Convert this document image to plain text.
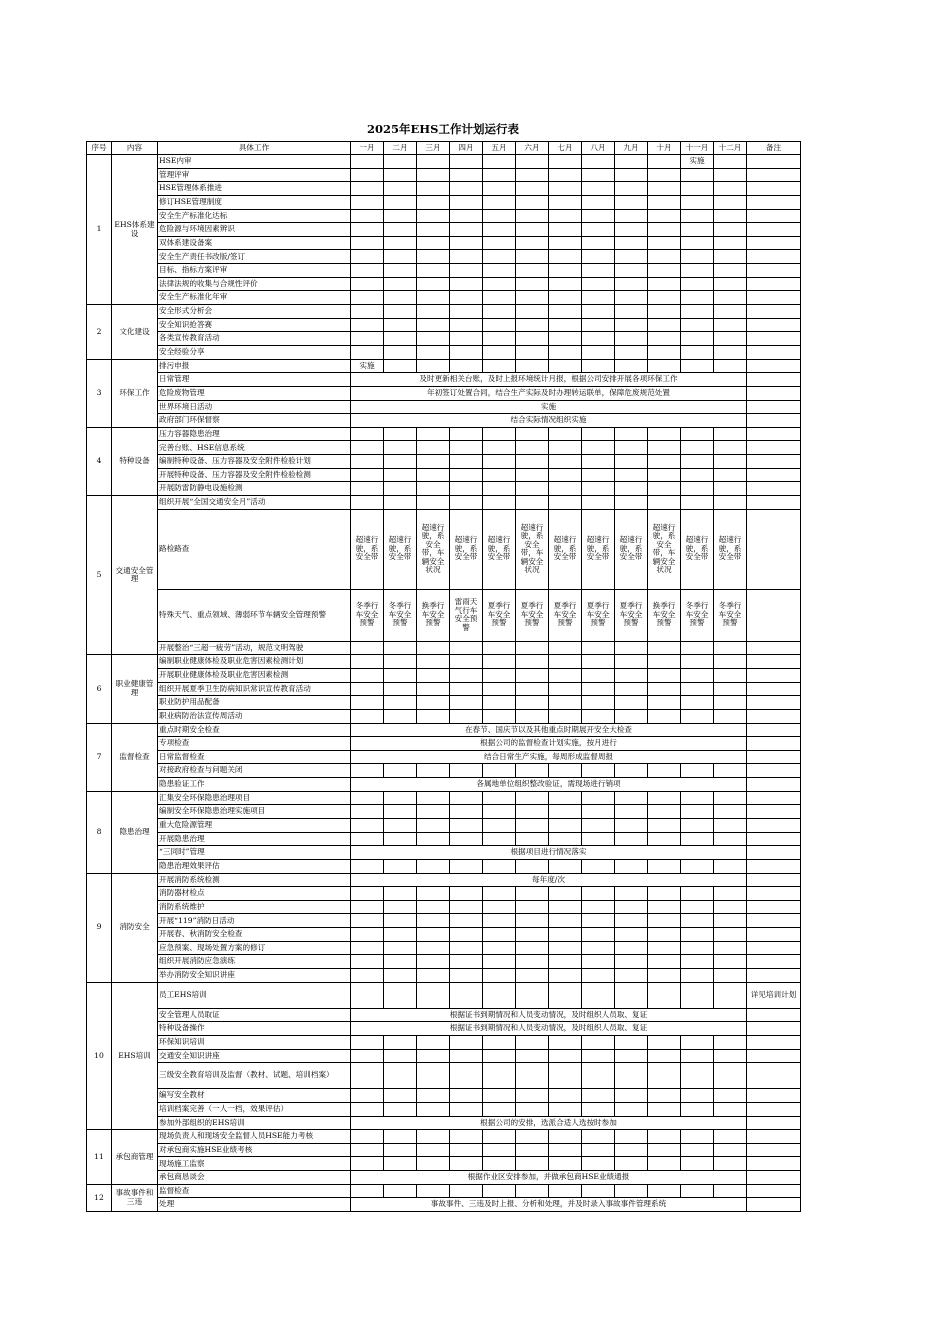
2025年EHS工作计划运行表
序号	内容	具体工作	一月	二月	三月	四月	五月	六月	七月	八月	九月	十月	十一月	十二月	备注
1	EHS体系建设	HSE内审											实施		
		管理评审													
		HSE管理体系推进													
		修订HSE管理制度													
		安全生产标准化达标													
		危险源与环境因素辨识													
		双体系建设备案													
		安全生产责任书改版/签订													
		目标、指标方案评审													
		法律法规的收集与合规性评价													
		安全生产标准化年审													
2	文化建设	安全形式分析会													
		安全知识抢答赛													
		各类宣传教育活动													
		安全经验分享													
3	环保工作	排污申报	实施												
		日常管理	及时更新相关台账，及时上报环境统计月报，根据公司安排开展各项环保工作												
		危险废物管理	年初签订处置合同，结合生产实际及时办理转运联单，保障危废规范处置												
		世界环境日活动	实施												
		政府部门环保督察	结合实际情况组织实施												
4	特种设备	压力容器隐患治理													
		完善台账、HSE信息系统													
		编制特种设备、压力容器及安全附件检验计划													
		开展特种设备、压力容器及安全附件检验检测													
		开展防雷防静电设施检测													
5	交通安全管理	组织开展“全国交通安全月”活动													
		路检路查	超速行驶，系安全带	超速行驶，系安全带	超速行驶，系安全带，车辆安全状况	超速行驶，系安全带	超速行驶，系安全带	超速行驶，系安全带，车辆安全状况	超速行驶，系安全带	超速行驶，系安全带	超速行驶，系安全带	超速行驶，系安全带，车辆安全状况	超速行驶，系安全带	超速行驶，系安全带	
		特殊天气、重点领域、薄弱环节车辆安全管理预警	冬季行车安全预警	冬季行车安全预警	换季行车安全预警	雷雨天气行车安全预警	夏季行车安全预警	夏季行车安全预警	夏季行车安全预警	夏季行车安全预警	夏季行车安全预警	换季行车安全预警	冬季行车安全预警	冬季行车安全预警	
		开展整治“三超一疲劳”活动，规范文明驾驶													
6	职业健康管理	编制职业健康体检及职业危害因素检测计划													
		开展职业健康体检及职业危害因素检测													
		组织开展夏季卫生防病知识常识宣传教育活动													
		职业防护用品配备													
		职业病防治法宣传周活动													
7	监督检查	重点时期安全检查	在春节、国庆节以及其他重点时期展开安全大检查												
		专项检查	根据公司的监督检查计划实施，按月进行												
		日常监督检查	结合日常生产实施，每周形成监督周报												
		对接政府检查与问题关闭													
		隐患验证工作	各属地单位组织整改验证，需现场进行销项												
8	隐患治理	汇集安全环保隐患治理项目													
		编制安全环保隐患治理实施项目													
		重大危险源管理													
		开展隐患治理													
		“三同时”管理	根据项目进行情况落实												
		隐患治理效果评估													
9	消防安全	开展消防系统检测	每年度/次												
		消防器材检点													
		消防系统维护													
		开展“119”消防日活动													
		开展春、秋消防安全检查													
		应急预案、现场处置方案的修订													
		组织开展消防应急演练													
		举办消防安全知识讲座													
10	EHS培训	员工EHS培训													详见培训计划
		安全管理人员取证	根据证书到期情况和人员变动情况，及时组织人员取、复证												
		特种设备操作	根据证书到期情况和人员变动情况，及时组织人员取、复证												
		环保知识培训													
		交通安全知识讲座													
		三级安全教育培训及监督（教材、试题、培训档案）													
		编写安全教材													
		培训档案完善（一人一档，效果评估）													
		参加外部组织的EHS培训	根据公司的安排，选派合适人选按时参加												
11	承包商管理	现场负责人和现场安全监督人员HSE能力考核													
		对承包商实施HSE业绩考核													
		现场施工监察													
		承包商恳谈会	根据作业区安排参加，并做承包商HSE业绩通报												
12	事故事件和三违	监督检查													
		处理	事故事件、三违及时上报、分析和处理，并及时录入事故事件管理系统												
